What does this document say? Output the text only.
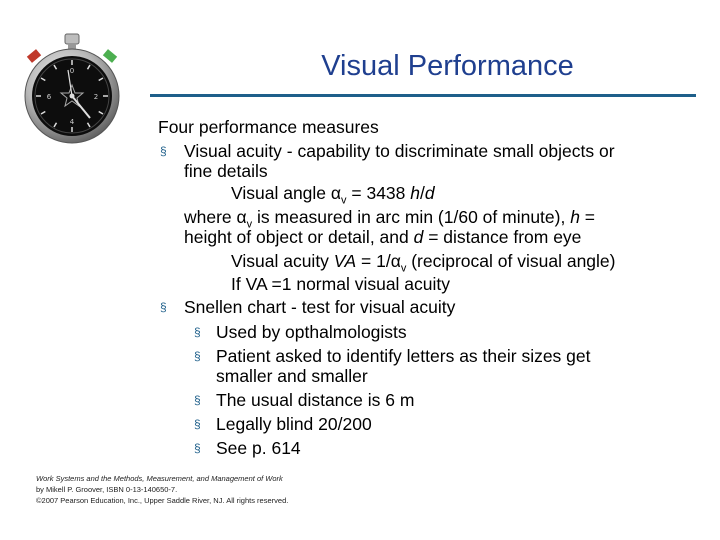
0
2
4
6
Visual Performance
Four performance measures
§ Visual acuity - capability to discriminate small objects or
fine details
Visual angle $\alpha_v = 3438$ h/d
where $\alpha_v$ is measured in arc min (1/60 of minute), h =
height of object or detail, and d = distance from eye
Visual acuity VA = $1/\alpha_v$ (reciprocal of visual angle)
If VA =1 normal visual acuity
§ Snellen chart - test for visual acuity
§ Used by opthalmologists
§ Patient asked to identify letters as their sizes get
smaller and smaller
§ The usual distance is 6 m
§ Legally blind 20/200
§ See p. 614
Work Systems and the Methods, Measurement, and Management of Work
by Mikell P. Groover, ISBN 0-13-140650-7.
©2007 Pearson Education, Inc., Upper Saddle River, NJ. All rights reserved.
